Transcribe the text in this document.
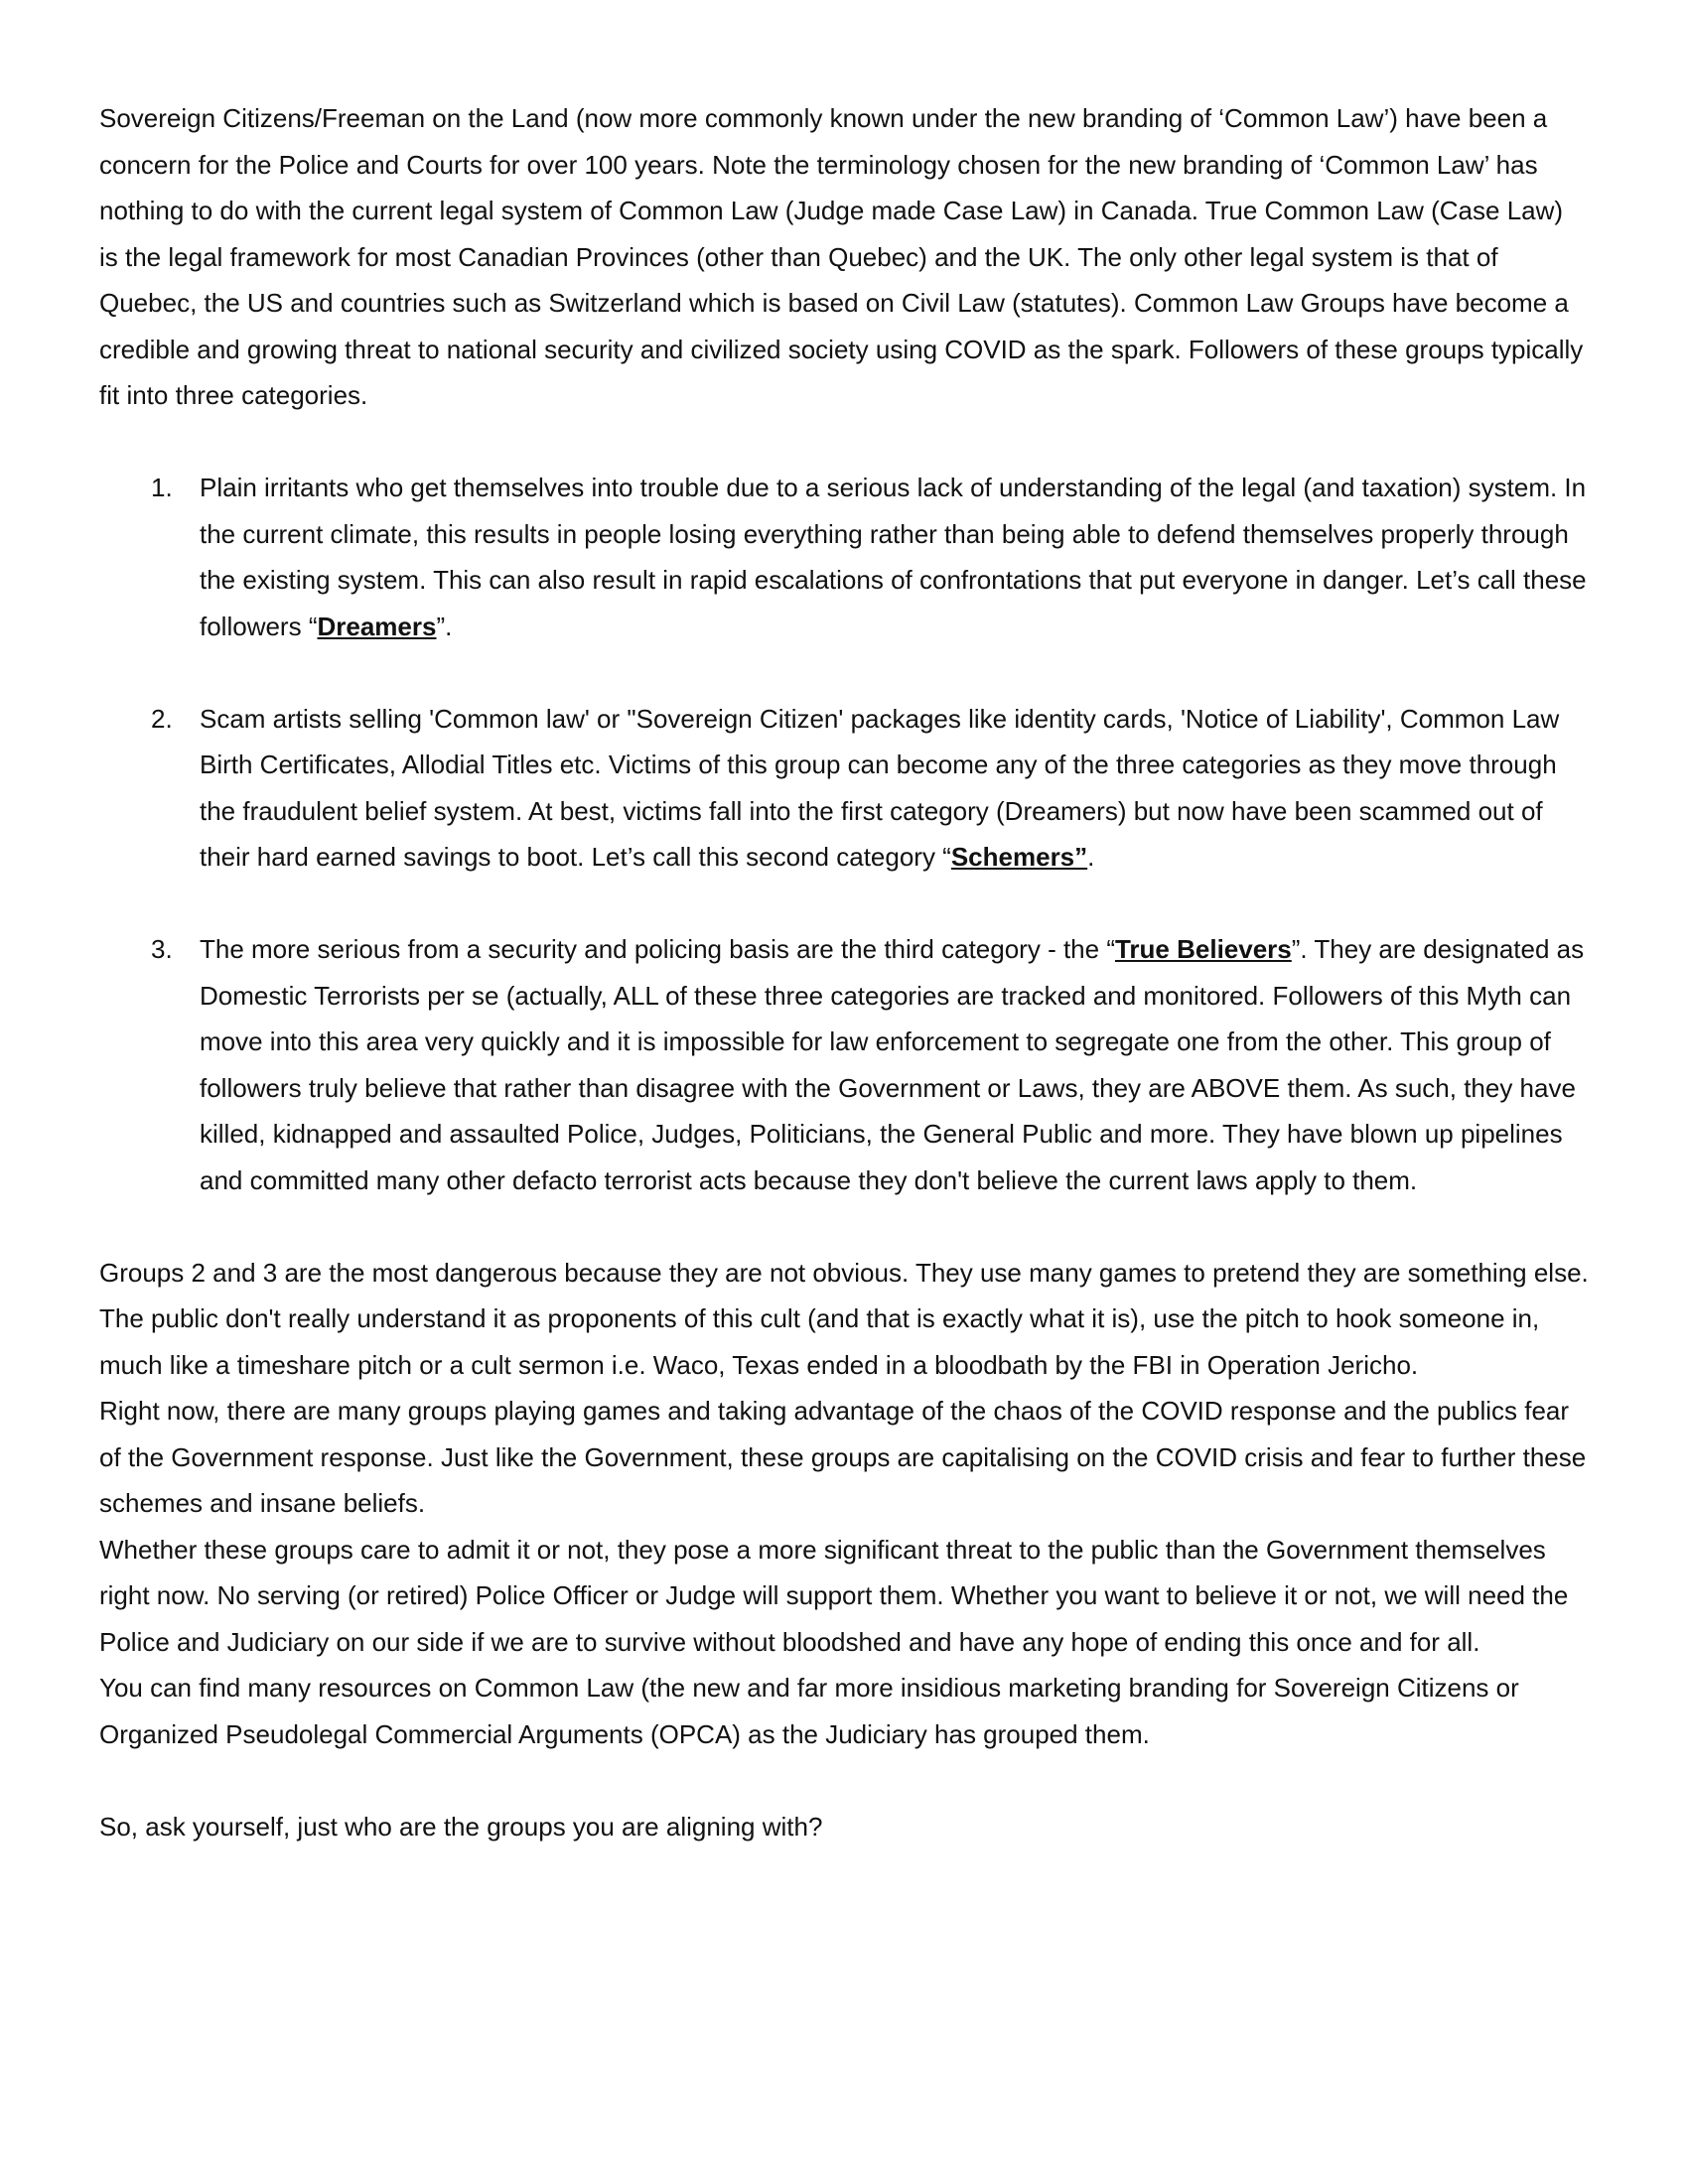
Sovereign Citizens/Freeman on the Land (now more commonly known under the new branding of ‘Common Law’) have been a concern for the Police and Courts for over 100 years. Note the terminology chosen for the new branding of ‘Common Law’ has nothing to do with the current legal system of Common Law (Judge made Case Law) in Canada. True Common Law (Case Law) is the legal framework for most Canadian Provinces (other than Quebec) and the UK. The only other legal system is that of Quebec, the US and countries such as Switzerland which is based on Civil Law (statutes). Common Law Groups have become a credible and growing threat to national security and civilized society using COVID as the spark. Followers of these groups typically fit into three categories.

1. Plain irritants who get themselves into trouble due to a serious lack of understanding of the legal (and taxation) system. In the current climate, this results in people losing everything rather than being able to defend themselves properly through the existing system. This can also result in rapid escalations of confrontations that put everyone in danger. Let’s call these followers “Dreamers”.
2. Scam artists selling 'Common law' or "Sovereign Citizen' packages like identity cards, 'Notice of Liability', Common Law Birth Certificates, Allodial Titles etc. Victims of this group can become any of the three categories as they move through the fraudulent belief system. At best, victims fall into the first category (Dreamers) but now have been scammed out of their hard earned savings to boot. Let’s call this second category “Schemers”.
3. The more serious from a security and policing basis are the third category - the “True Believers”. They are designated as Domestic Terrorists per se (actually, ALL of these three categories are tracked and monitored. Followers of this Myth can move into this area very quickly and it is impossible for law enforcement to segregate one from the other. This group of followers truly believe that rather than disagree with the Government or Laws, they are ABOVE them. As such, they have killed, kidnapped and assaulted Police, Judges, Politicians, the General Public and more. They have blown up pipelines and committed many other defacto terrorist acts because they don't believe the current laws apply to them.

Groups 2 and 3 are the most dangerous because they are not obvious. They use many games to pretend they are something else. The public don't really understand it as proponents of this cult (and that is exactly what it is), use the pitch to hook someone in, much like a timeshare pitch or a cult sermon i.e. Waco, Texas ended in a bloodbath by the FBI in Operation Jericho.

Right now, there are many groups playing games and taking advantage of the chaos of the COVID response and the publics fear of the Government response. Just like the Government, these groups are capitalising on the COVID crisis and fear to further these schemes and insane beliefs.

Whether these groups care to admit it or not, they pose a more significant threat to the public than the Government themselves right now. No serving (or retired) Police Officer or Judge will support them. Whether you want to believe it or not, we will need the Police and Judiciary on our side if we are to survive without bloodshed and have any hope of ending this once and for all.

You can find many resources on Common Law (the new and far more insidious marketing branding for Sovereign Citizens or Organized Pseudolegal Commercial Arguments (OPCA) as the Judiciary has grouped them.

So, ask yourself, just who are the groups you are aligning with?
